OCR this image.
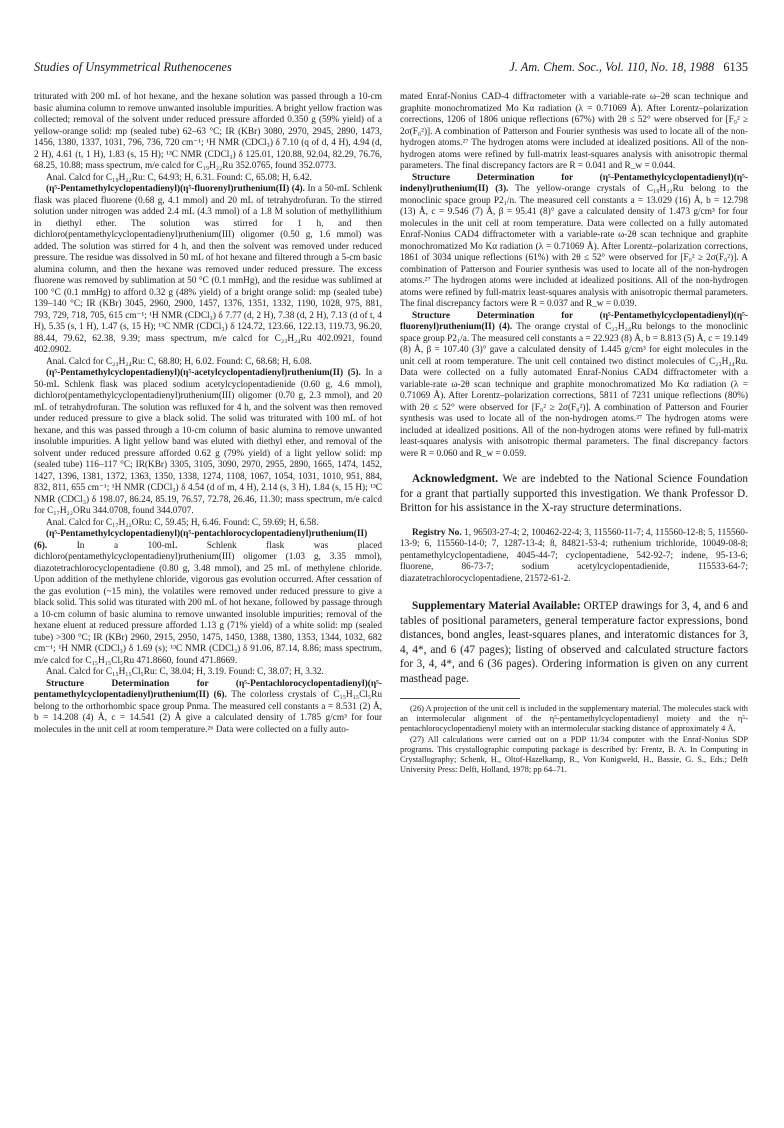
Studies of Unsymmetrical Ruthenocenes	J. Am. Chem. Soc., Vol. 110, No. 18, 1988 6135

triturated with 200 mL of hot hexane, and the hexane solution was passed through a 10-cm basic alumina column to remove unwanted insoluble impurities. A bright yellow fraction was collected; removal of the solvent under reduced pressure afforded 0.350 g (59% yield) of a yellow-orange solid: mp (sealed tube) 62–63 °C; IR (KBr) 3080, 2970, 2945, 2890, 1473, 1456, 1380, 1337, 1031, 796, 736, 720 cm⁻¹; ¹H NMR (CDCl₃) δ 7.10 (q of d, 4 H), 4.94 (d, 2 H), 4.61 (t, 1 H), 1.83 (s, 15 H); ¹³C NMR (CDCl₃) δ 125.01, 120.88, 92.04, 82.29, 76.76, 68.25, 10.88; mass spectrum, m/e calcd for C₁₉H₂₂Ru 352.0765, found 352.0773.

Anal. Calcd for C₁₉H₂₂Ru: C, 64.93; H, 6.31. Found: C, 65.08; H, 6.42.

(η⁵-Pentamethylcyclopentadienyl)(η⁵-fluorenyl)ruthenium(II) (4). In a 50-mL Schlenk flask was placed fluorene (0.68 g, 4.1 mmol) and 20 mL of tetrahydrofuran. To the stirred solution under nitrogen was added 2.4 mL (4.3 mmol) of a 1.8 M solution of methyllithium in diethyl ether. The solution was stirred for 1 h, and then dichloro(pentamethylcyclopentadienyl)ruthenium(III) oligomer (0.50 g, 1.6 mmol) was added. The solution was stirred for 4 h, and then the solvent was removed under reduced pressure. The residue was dissolved in 50 mL of hot hexane and filtered through a 5-cm basic alumina column, and then the hexane was removed under reduced pressure. The excess fluorene was removed by sublimation at 50 °C (0.1 mmHg), and the residue was sublimed at 100 °C (0.1 mmHg) to afford 0.32 g (48% yield) of a bright orange solid: mp (sealed tube) 139–140 °C; IR (KBr) 3045, 2960, 2900, 1457, 1376, 1351, 1332, 1190, 1028, 975, 881, 793, 729, 718, 705, 615 cm⁻¹; ¹H NMR (CDCl₃) δ 7.77 (d, 2 H), 7.38 (d, 2 H), 7.13 (d of t, 4 H), 5.35 (s, 1 H), 1.47 (s, 15 H); ¹³C NMR (CDCl₃) δ 124.72, 123.66, 122.13, 119.73, 96.20, 88.44, 79.62, 62.38, 9.39; mass spectrum, m/e calcd for C₂₃H₂₄Ru 402.0921, found 402.0902.

Anal. Calcd for C₂₃H₂₄Ru: C, 68.80; H, 6.02. Found: C, 68.68; H, 6.08.

(η⁵-Pentamethylcyclopentadienyl)(η⁵-acetylcyclopentadienyl)ruthenium(II) (5). In a 50-mL Schlenk flask was placed sodium acetylcyclopentadienide (0.60 g, 4.6 mmol), dichloro(pentamethylcyclopentadienyl)ruthenium(III) oligomer (0.70 g, 2.3 mmol), and 20 mL of tetrahydrofuran. The solution was refluxed for 4 h, and the solvent was then removed under reduced pressure to give a black solid. The solid was triturated with 100 mL of hot hexane, and this was passed through a 10-cm column of basic alumina to remove unwanted insoluble impurities. A light yellow band was eluted with diethyl ether, and removal of the solvent under reduced pressure afforded 0.62 g (79% yield) of a light yellow solid: mp (sealed tube) 116–117 °C; IR(KBr) 3305, 3105, 3090, 2970, 2955, 2890, 1665, 1474, 1452, 1427, 1396, 1381, 1372, 1363, 1350, 1338, 1274, 1108, 1067, 1054, 1031, 1010, 951, 884, 832, 811, 655 cm⁻¹; ¹H NMR (CDCl₃) δ 4.54 (d of m, 4 H), 2.14 (s, 3 H), 1.84 (s, 15 H); ¹³C NMR (CDCl₃) δ 198.07, 86.24, 85.19, 76.57, 72.78, 26.46, 11.30; mass spectrum, m/e calcd for C₁₇H₂₂ORu 344.0708, found 344.0707.

Anal. Calcd for C₁₇H₂₂ORu: C, 59.45; H, 6.46. Found: C, 59.69; H, 6.58.

(η⁵-Pentamethylcyclopentadienyl)(η⁵-pentachlorocyclopentadienyl)ruthenium(II) (6).	In a 100-mL Schlenk flask was placed dichloro(pentamethylcyclopentadienyl)ruthenium(III) oligomer (1.03 g, 3.35 mmol), diazotetrachlorocyclopentadiene (0.80 g, 3.48 mmol), and 25 mL of methylene chloride. Upon addition of the methylene chloride, vigorous gas evolution occurred. After cessation of the gas evolution (~15 min), the volatiles were removed under reduced pressure to give a black solid. This solid was titurated with 200 mL of hot hexane, followed by passage through a 10-cm column of basic alumina to remove unwanted insoluble impurities; removal of the hexane eluent at reduced pressure afforded 1.13 g (71% yield) of a white solid: mp (sealed tube) >300 °C; IR (KBr) 2960, 2915, 2950, 1475, 1450, 1388, 1380, 1353, 1344, 1032, 682 cm⁻¹; ¹H NMR (CDCl₃) δ 1.69 (s); ¹³C NMR (CDCl₃) δ 91.06, 87.14, 8.86; mass spectrum, m/e calcd for C₁₅H₁₅Cl₅Ru 471.8660, found 471.8669.

Anal. Calcd for C₁₅H₁₅Cl₅Ru: C, 38.04; H, 3.19. Found: C, 38.07; H, 3.32.

Structure Determination for (η⁵-Pentachlorocyclopentadienyl)(η⁵-pentamethylcyclopentadienyl)ruthenium(II) (6). The colorless crystals of C₁₅H₁₅Cl₅Ru belong to the orthorhombic space group Pnma. The measured cell constants a = 8.531 (2) Å, b = 14.208 (4) Å, c = 14.541 (2) Å give a calculated density of 1.785 g/cm³ for four molecules in the unit cell at room temperature.²⁶ Data were collected on a fully auto-

mated Enraf-Nonius CAD-4 diffractometer with a variable-rate ω–2θ scan technique and graphite monochromatized Mo Kα radiation (λ = 0.71069 Å). After Lorentz–polarization corrections, 1206 of 1806 unique reflections (67%) with 2θ ≤ 52° were observed for [F₀² ≥ 2σ(F₀²)]. A combination of Patterson and Fourier synthesis was used to locate all of the non-hydrogen atoms.²⁷ The hydrogen atoms were included at idealized positions. All of the non-hydrogen atoms were refined by full-matrix least-squares analysis with anisotropic thermal parameters. The final discrepancy factors are R = 0.041 and R_w = 0.044.

Structure Determination for (η⁵-Pentamethylcyclopentadienyl)(η⁵-indenyl)ruthenium(II) (3). The yellow-orange crystals of C₁₉H₂₂Ru belong to the monoclinic space group P2₁/n. The measured cell constants a = 13.029 (16) Å, b = 12.798 (13) Å, c = 9.546 (7) Å, β = 95.41 (8)° gave a calculated density of 1.473 g/cm³ for four molecules in the unit cell at room temperature. Data were collected on a fully automated Enraf-Nonius CAD4 diffractometer with a variable-rate ω-2θ scan technique and graphite monochromatized Mo Kα radiation (λ = 0.71069 Å). After Lorentz–polarization corrections, 1861 of 3034 unique reflections (61%) with 2θ ≤ 52° were observed for [F₀² ≥ 2σ(F₀²)]. A combination of Patterson and Fourier synthesis was used to locate all of the non-hydrogen atoms.²⁷ The hydrogen atoms were included at idealized positions. All of the non-hydrogen atoms were refined by full-matrix least-squares analysis with anisotropic thermal parameters. The final discrepancy factors were R = 0.037 and R_w = 0.039.

Structure Determination for (η⁵-Pentamethylcyclopentadienyl)(η⁵-fluorenyl)ruthenium(II) (4). The orange crystal of C₂₃H₂₄Ru belongs to the monoclinic space group P2₁/a. The measured cell constants a = 22.923 (8) Å, b = 8.813 (5) Å, c = 19.149 (8) Å, β = 107.40 (3)° gave a calculated density of 1.445 g/cm³ for eight molecules in the unit cell at room temperature. The unit cell contained two distinct molecules of C₂₃H₂₄Ru. Data were collected on a fully automated Enraf-Nonius CAD4 diffractometer with a variable-rate ω-2θ scan technique and graphite monochromatized Mo Kα radiation (λ = 0.71069 Å). After Lorentz–polarization corrections, 5811 of 7231 unique reflections (80%) with 2θ ≤ 52° were observed for [F₀² ≥ 2σ(F₀²)]. A combination of Patterson and Fourier synthesis was used to locate all of the non-hydrogen atoms.²⁷ The hydrogen atoms were included at idealized positions. All of the non-hydrogen atoms were refined by full-matrix least-squares analysis with anisotropic thermal parameters. The final discrepancy factors were R = 0.060 and R_w = 0.059.

Acknowledgment. We are indebted to the National Science Foundation for a grant that partially supported this investigation. We thank Professor D. Britton for his assistance in the X-ray structure determinations.

Registry No. 1, 96503-27-4; 2, 100462-22-4; 3, 115560-11-7; 4, 115560-12-8; 5, 115560-13-9; 6, 115560-14-0; 7, 1287-13-4; 8, 84821-53-4; ruthenium trichloride, 10049-08-8; pentamethylcyclopentadiene, 4045-44-7; cyclopentadiene, 542-92-7; indene, 95-13-6; fluorene, 86-73-7; sodium acetylcyclopentadienide, 115533-64-7; diazatetrachlorocyclopentadiene, 21572-61-2.

Supplementary Material Available: ORTEP drawings for 3, 4, and 6 and tables of positional parameters, general temperature factor expressions, bond distances, bond angles, least-squares planes, and interatomic distances for 3, 4, 4*, and 6 (47 pages); listing of observed and calculated structure factors for 3, 4, 4*, and 6 (36 pages). Ordering information is given on any current masthead page.

(26) A projection of the unit cell is included in the supplementary material. The molecules stack with an intermolecular alignment of the η⁵-pentamethylcyclopentadienyl moiety and the η⁵-pentachlorocyclopentadienyl moiety with an intermolecular stacking distance of approximately 4 Å.

(27) All calculations were carried out on a PDP 11/34 computer with the Enraf-Nonius SDP programs. This crystallographic computing package is described by: Frentz, B. A. In Computing in Crystallography; Schenk, H., Oltof-Hazelkamp, R., Von Konigweld, H., Bassie, G. S., Eds.; Delft University Press: Delft, Holland, 1978; pp 64–71.
